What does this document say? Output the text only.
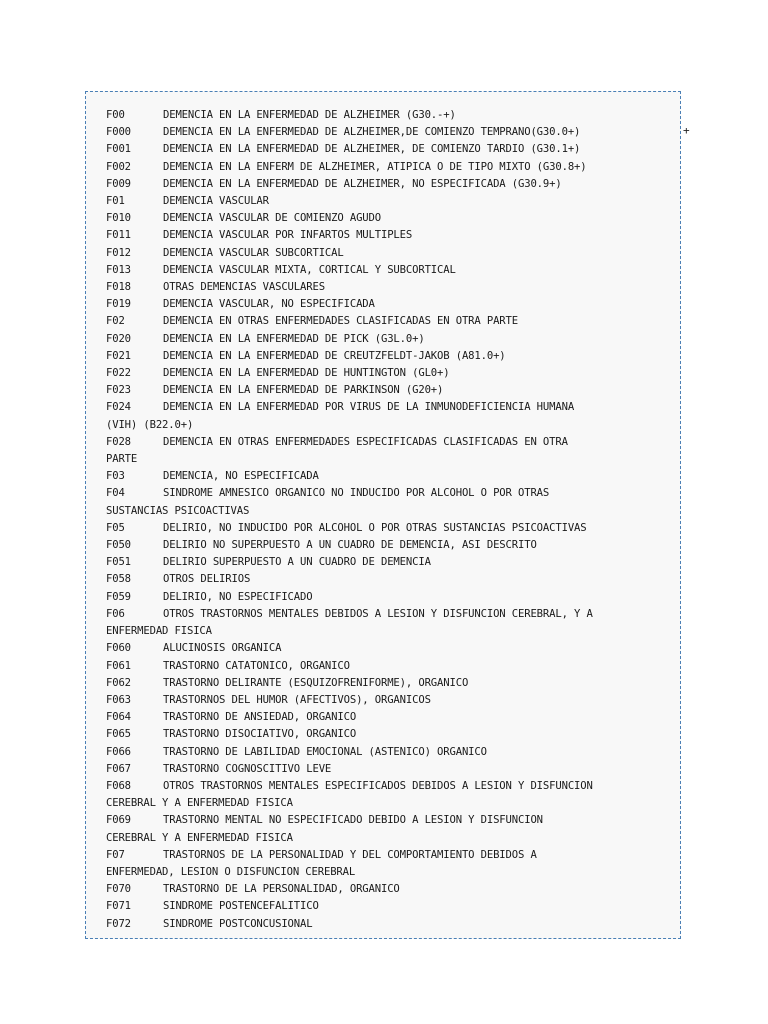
+
F00	DEMENCIA EN LA ENFERMEDAD DE ALZHEIMER (G30.-+)
F000	DEMENCIA EN LA ENFERMEDAD DE ALZHEIMER,DE COMIENZO TEMPRANO(G30.0+)
F001	DEMENCIA EN LA ENFERMEDAD DE ALZHEIMER, DE COMIENZO TARDIO (G30.1+)
F002	DEMENCIA EN LA ENFERM DE ALZHEIMER, ATIPICA O DE TIPO MIXTO (G30.8+)
F009	DEMENCIA EN LA ENFERMEDAD DE ALZHEIMER, NO ESPECIFICADA (G30.9+)
F01	DEMENCIA VASCULAR
F010	DEMENCIA VASCULAR DE COMIENZO AGUDO
F011	DEMENCIA VASCULAR POR INFARTOS MULTIPLES
F012	DEMENCIA VASCULAR SUBCORTICAL
F013	DEMENCIA VASCULAR MIXTA, CORTICAL Y SUBCORTICAL
F018	OTRAS DEMENCIAS VASCULARES
F019	DEMENCIA VASCULAR, NO ESPECIFICADA
F02	DEMENCIA EN OTRAS ENFERMEDADES CLASIFICADAS EN OTRA PARTE
F020	DEMENCIA EN LA ENFERMEDAD DE PICK (G3L.0+)
F021	DEMENCIA EN LA ENFERMEDAD DE CREUTZFELDT-JAKOB (A81.0+)
F022	DEMENCIA EN LA ENFERMEDAD DE HUNTINGTON (GL0+)
F023	DEMENCIA EN LA ENFERMEDAD DE PARKINSON (G20+)
F024	DEMENCIA EN LA ENFERMEDAD POR VIRUS DE LA INMUNODEFICIENCIA HUMANA
(VIH) (B22.0+)
F028	DEMENCIA EN OTRAS ENFERMEDADES ESPECIFICADAS CLASIFICADAS EN OTRA
PARTE
F03	DEMENCIA, NO ESPECIFICADA
F04	SINDROME AMNESICO ORGANICO NO INDUCIDO POR ALCOHOL O POR OTRAS
SUSTANCIAS PSICOACTIVAS
F05	DELIRIO, NO INDUCIDO POR ALCOHOL O POR OTRAS SUSTANCIAS PSICOACTIVAS
F050	DELIRIO NO SUPERPUESTO A UN CUADRO DE DEMENCIA, ASI DESCRITO
F051	DELIRIO SUPERPUESTO A UN CUADRO DE DEMENCIA
F058	OTROS DELIRIOS
F059	DELIRIO, NO ESPECIFICADO
F06	OTROS TRASTORNOS MENTALES DEBIDOS A LESION Y DISFUNCION CEREBRAL, Y A
ENFERMEDAD FISICA
F060	ALUCINOSIS ORGANICA
F061	TRASTORNO CATATONICO, ORGANICO
F062	TRASTORNO DELIRANTE (ESQUIZOFRENIFORME), ORGANICO
F063	TRASTORNOS DEL HUMOR (AFECTIVOS), ORGANICOS
F064	TRASTORNO DE ANSIEDAD, ORGANICO
F065	TRASTORNO DISOCIATIVO, ORGANICO
F066	TRASTORNO DE LABILIDAD EMOCIONAL (ASTENICO) ORGANICO
F067	TRASTORNO COGNOSCITIVO LEVE
F068	OTROS TRASTORNOS MENTALES ESPECIFICADOS DEBIDOS A LESION Y DISFUNCION
CEREBRAL Y A ENFERMEDAD FISICA
F069	TRASTORNO MENTAL NO ESPECIFICADO DEBIDO A LESION Y DISFUNCION
CEREBRAL Y A ENFERMEDAD FISICA
F07	TRASTORNOS DE LA PERSONALIDAD Y DEL COMPORTAMIENTO DEBIDOS A
ENFERMEDAD, LESION O DISFUNCION CEREBRAL
F070	TRASTORNO DE LA PERSONALIDAD, ORGANICO
F071	SINDROME POSTENCEFALITICO
F072	SINDROME POSTCONCUSIONAL
